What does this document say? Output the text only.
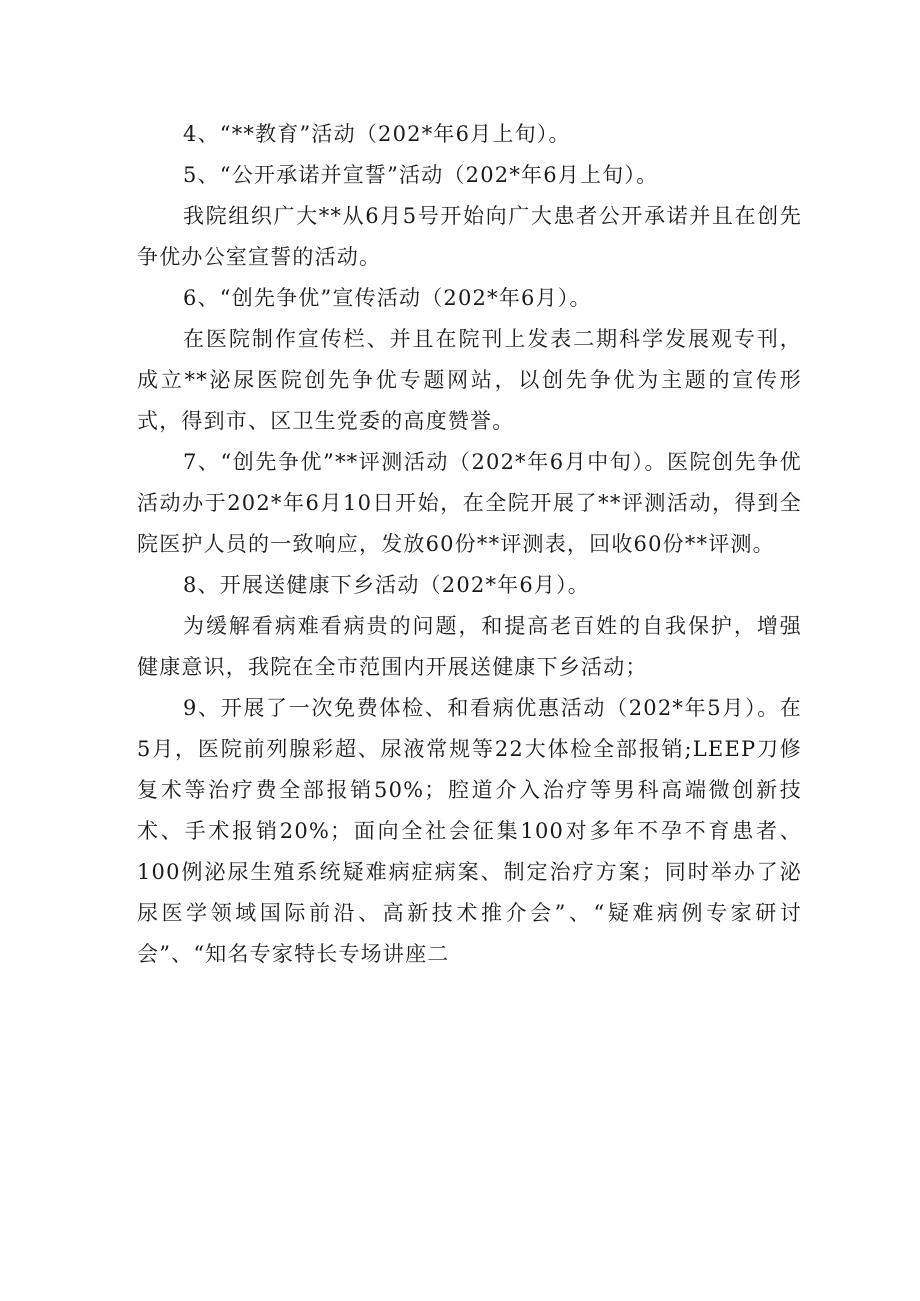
4、“**教育”活动（202*年6月上旬）。

5、“公开承诺并宣誓”活动（202*年6月上旬）。

我院组织广大**从6月5号开始向广大患者公开承诺并且在创先争优办公室宣誓的活动。

6、“创先争优”宣传活动（202*年6月）。

在医院制作宣传栏、并且在院刊上发表二期科学发展观专刊，成立**泌尿医院创先争优专题网站，以创先争优为主题的宣传形式，得到市、区卫生党委的高度赞誉。

7、“创先争优”**评测活动（202*年6月中旬）。医院创先争优活动办于202*年6月10日开始，在全院开展了**评测活动，得到全院医护人员的一致响应，发放60份**评测表，回收60份**评测。

8、开展送健康下乡活动（202*年6月）。

为缓解看病难看病贵的问题，和提高老百姓的自我保护，增强健康意识，我院在全市范围内开展送健康下乡活动；

9、开展了一次免费体检、和看病优惠活动（202*年5月）。在5月，医院前列腺彩超、尿液常规等22大体检全部报销;LEEP刀修复术等治疗费全部报销50%；腔道介入治疗等男科高端微创新技术、手术报销20%；面向全社会征集100对多年不孕不育患者、100例泌尿生殖系统疑难病症病案、制定治疗方案；同时举办了泌尿医学领域国际前沿、高新技术推介会”、“疑难病例专家研讨会”、“知名专家特长专场讲座二
